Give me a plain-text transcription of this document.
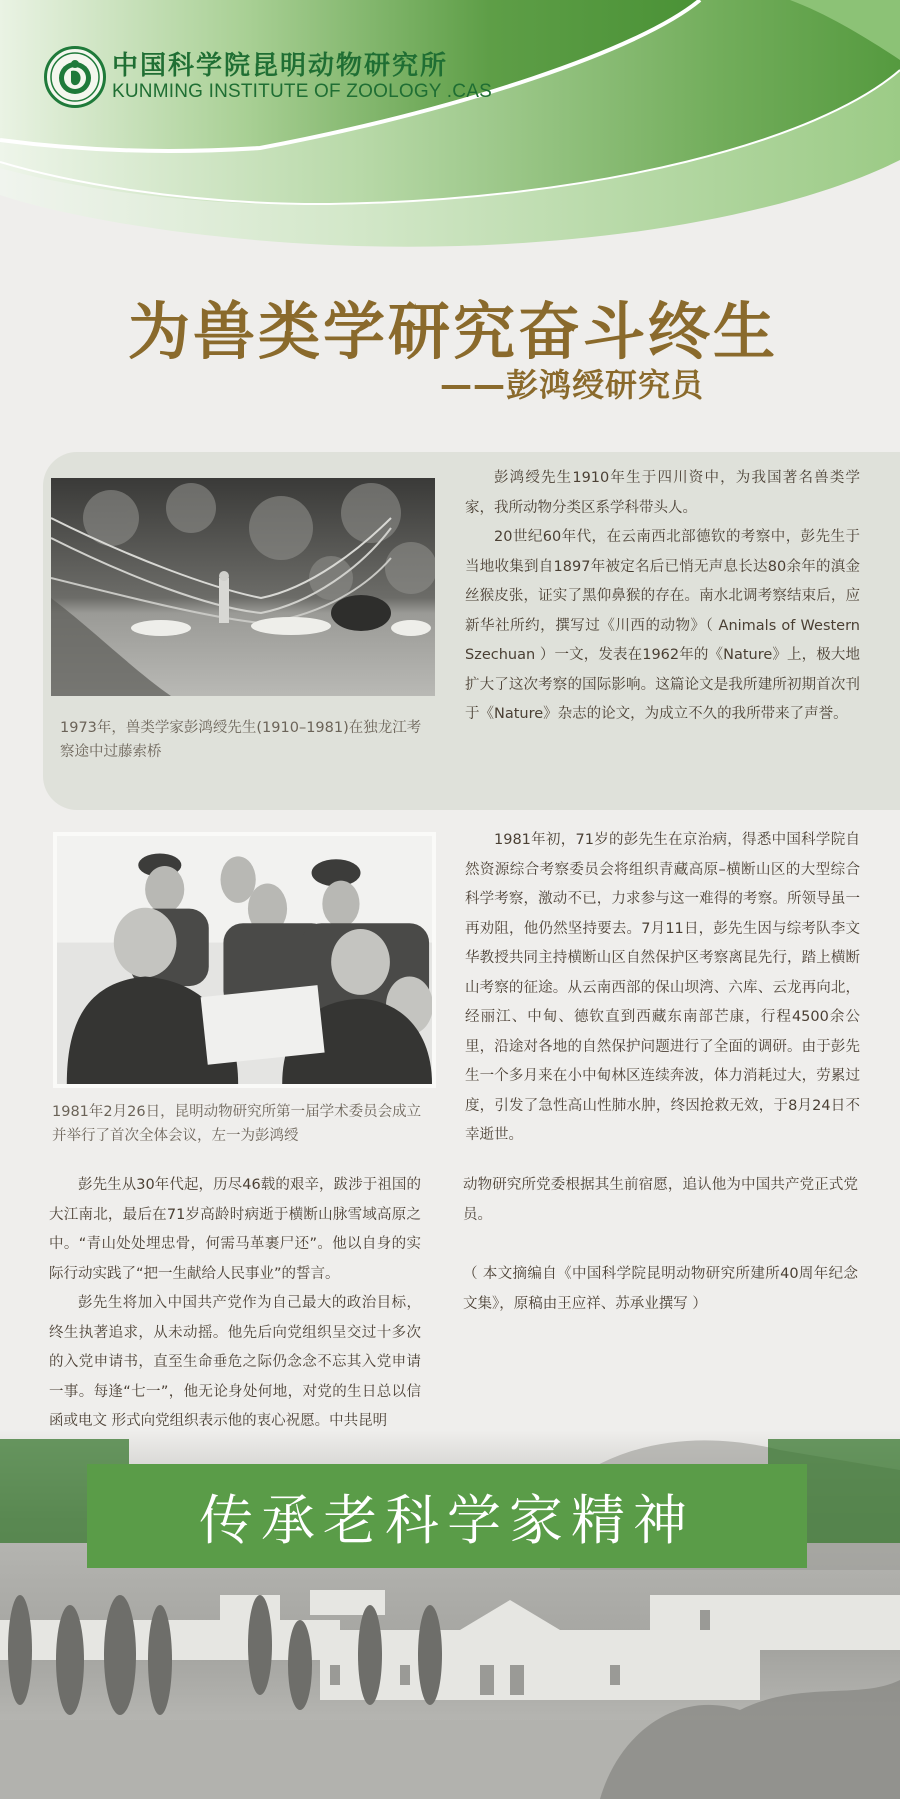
中国科学院昆明动物研究所
KUNMING INSTITUTE OF ZOOLOGY .CAS
为兽类学研究奋斗终生
——彭鸿绶研究员
1973年，兽类学家彭鸿绶先生(1910–1981)在独龙江考察途中过藤索桥

彭鸿绶先生1910年生于四川资中，为我国著名兽类学家，我所动物分类区系学科带头人。

20世纪60年代，在云南西北部德钦的考察中，彭先生于当地收集到自1897年被定名后已悄无声息长达80余年的滇金丝猴皮张，证实了黑仰鼻猴的存在。南水北调考察结束后，应新华社所约，撰写过《川西的动物》（ Animals of Western Szechuan ）一文，发表在1962年的《Nature》上，极大地扩大了这次考察的国际影响。这篇论文是我所建所初期首次刊于《Nature》杂志的论文，为成立不久的我所带来了声誉。

1981年2月26日，昆明动物研究所第一届学术委员会成立并举行了首次全体会议，左一为彭鸿绶

1981年初，71岁的彭先生在京治病，得悉中国科学院自然资源综合考察委员会将组织青藏高原–横断山区的大型综合科学考察，激动不已，力求参与这一难得的考察。所领导虽一再劝阻，他仍然坚持要去。7月11日，彭先生因与综考队李文华教授共同主持横断山区自然保护区考察离昆先行，踏上横断山考察的征途。从云南西部的保山坝湾、六库、云龙再向北，经丽江、中甸、德钦直到西藏东南部芒康，行程4500余公里，沿途对各地的自然保护问题进行了全面的调研。由于彭先生一个多月来在小中甸林区连续奔波，体力消耗过大，劳累过度，引发了急性高山性肺水肿，终因抢救无效，于8月24日不幸逝世。

彭先生从30年代起，历尽46载的艰辛，跋涉于祖国的大江南北，最后在71岁高龄时病逝于横断山脉雪域高原之中。“青山处处埋忠骨，何需马革裹尸还”。他以自身的实际行动实践了“把一生献给人民事业”的誓言。

彭先生将加入中国共产党作为自己最大的政治目标，终生执著追求，从未动摇。他先后向党组织呈交过十多次的入党申请书，直至生命垂危之际仍念念不忘其入党申请一事。每逢“七一”，他无论身处何地，对党的生日总以信函或电文 形式向党组织表示他的衷心祝愿。中共昆明

动物研究所党委根据其生前宿愿，追认他为中国共产党正式党员。

（ 本文摘编自《中国科学院昆明动物研究所建所40周年纪念文集》，原稿由王应祥、苏承业撰写 ）

传承老科学家精神
